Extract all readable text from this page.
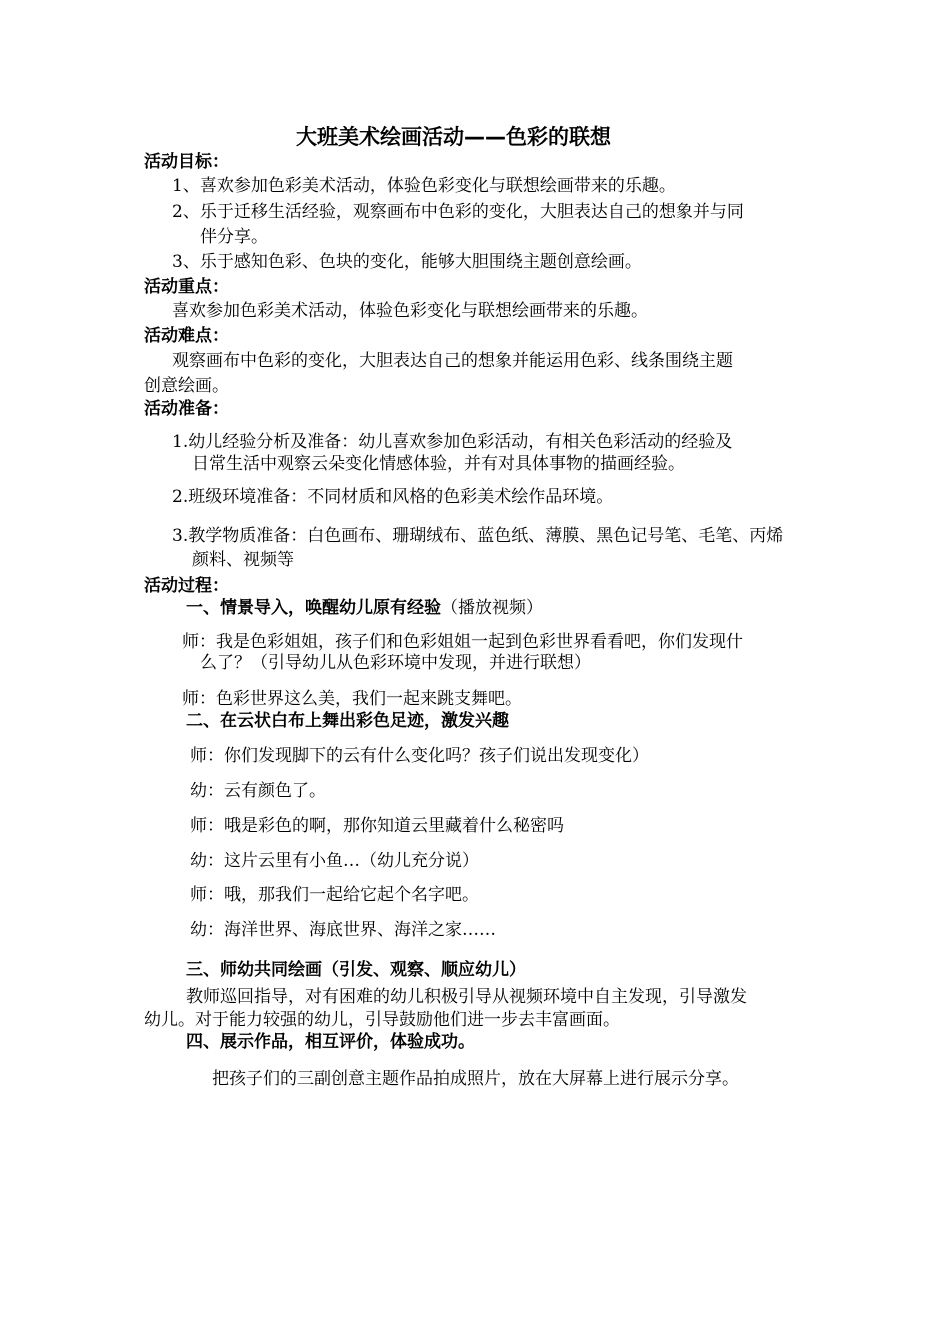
大班美术绘画活动——色彩的联想
活动目标：
1、喜欢参加色彩美术活动，体验色彩变化与联想绘画带来的乐趣。
2、乐于迁移生活经验，观察画布中色彩的变化，大胆表达自己的想象并与同
伴分享。
3、乐于感知色彩、色块的变化，能够大胆围绕主题创意绘画。
活动重点：
喜欢参加色彩美术活动，体验色彩变化与联想绘画带来的乐趣。
活动难点：
观察画布中色彩的变化，大胆表达自己的想象并能运用色彩、线条围绕主题
创意绘画。
活动准备：
1.幼儿经验分析及准备：幼儿喜欢参加色彩活动，有相关色彩活动的经验及
日常生活中观察云朵变化情感体验，并有对具体事物的描画经验。
2.班级环境准备：不同材质和风格的色彩美术绘作品环境。
3.教学物质准备：白色画布、珊瑚绒布、蓝色纸、薄膜、黑色记号笔、毛笔、丙烯
颜料、视频等
活动过程：
一、情景导入，唤醒幼儿原有经验（播放视频）
师：我是色彩姐姐，孩子们和色彩姐姐一起到色彩世界看看吧，你们发现什
么了？（引导幼儿从色彩环境中发现，并进行联想）
师：色彩世界这么美，我们一起来跳支舞吧。
二、在云状白布上舞出彩色足迹，激发兴趣
师：你们发现脚下的云有什么变化吗？孩子们说出发现变化）
幼：云有颜色了。
师：哦是彩色的啊，那你知道云里藏着什么秘密吗
幼：这片云里有小鱼…（幼儿充分说）
师：哦，那我们一起给它起个名字吧。
幼：海洋世界、海底世界、海洋之家……
三、师幼共同绘画（引发、观察、顺应幼儿）
教师巡回指导，对有困难的幼儿积极引导从视频环境中自主发现，引导激发
幼儿。对于能力较强的幼儿，引导鼓励他们进一步去丰富画面。
四、展示作品，相互评价，体验成功。
把孩子们的三副创意主题作品拍成照片，放在大屏幕上进行展示分享。
